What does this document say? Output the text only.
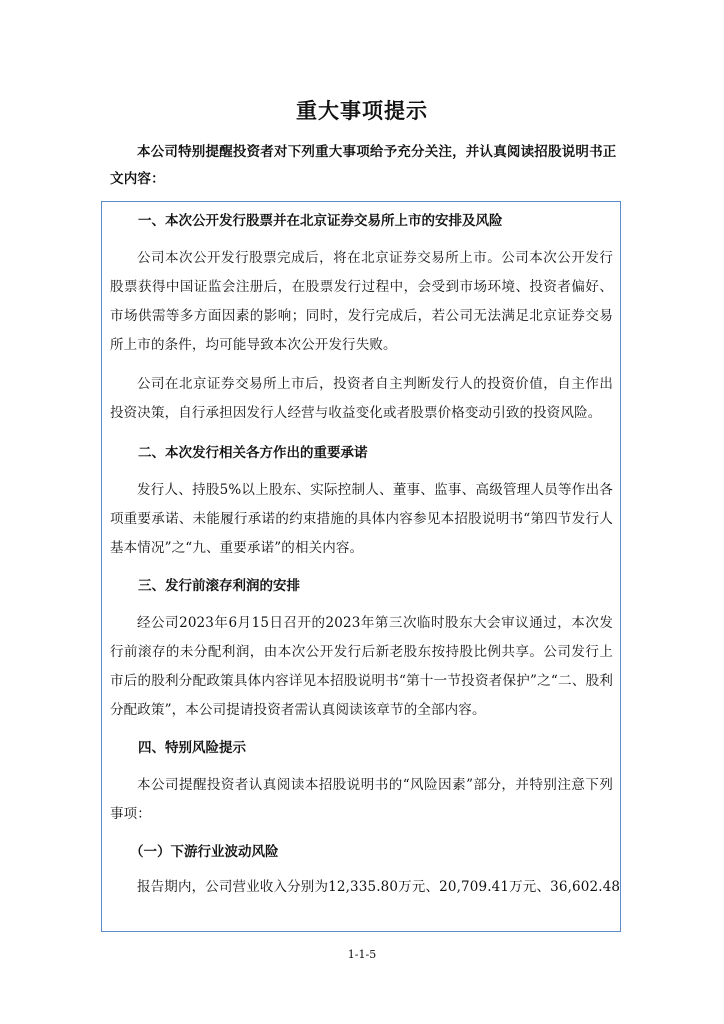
重大事项提示
本公司特别提醒投资者对下列重大事项给予充分关注，并认真阅读招股说明书正文内容：

一、本次公开发行股票并在北京证券交易所上市的安排及风险

公司本次公开发行股票完成后，将在北京证券交易所上市。公司本次公开发行股票获得中国证监会注册后，在股票发行过程中，会受到市场环境、投资者偏好、市场供需等多方面因素的影响；同时，发行完成后，若公司无法满足北京证券交易所上市的条件，均可能导致本次公开发行失败。

公司在北京证券交易所上市后，投资者自主判断发行人的投资价值，自主作出投资决策，自行承担因发行人经营与收益变化或者股票价格变动引致的投资风险。

二、本次发行相关各方作出的重要承诺

发行人、持股5%以上股东、实际控制人、董事、监事、高级管理人员等作出各项重要承诺、未能履行承诺的约束措施的具体内容参见本招股说明书“第四节发行人基本情况”之“九、重要承诺”的相关内容。

三、发行前滚存利润的安排

经公司2023年6月15日召开的2023年第三次临时股东大会审议通过，本次发行前滚存的未分配利润，由本次公开发行后新老股东按持股比例共享。公司发行上市后的股利分配政策具体内容详见本招股说明书“第十一节投资者保护”之“二、股利分配政策”，本公司提请投资者需认真阅读该章节的全部内容。

四、特别风险提示

本公司提醒投资者认真阅读本招股说明书的“风险因素”部分，并特别注意下列事项：

（一）下游行业波动风险

报告期内，公司营业收入分别为12,335.80万元、20,709.41万元、36,602.48

1-1-5
